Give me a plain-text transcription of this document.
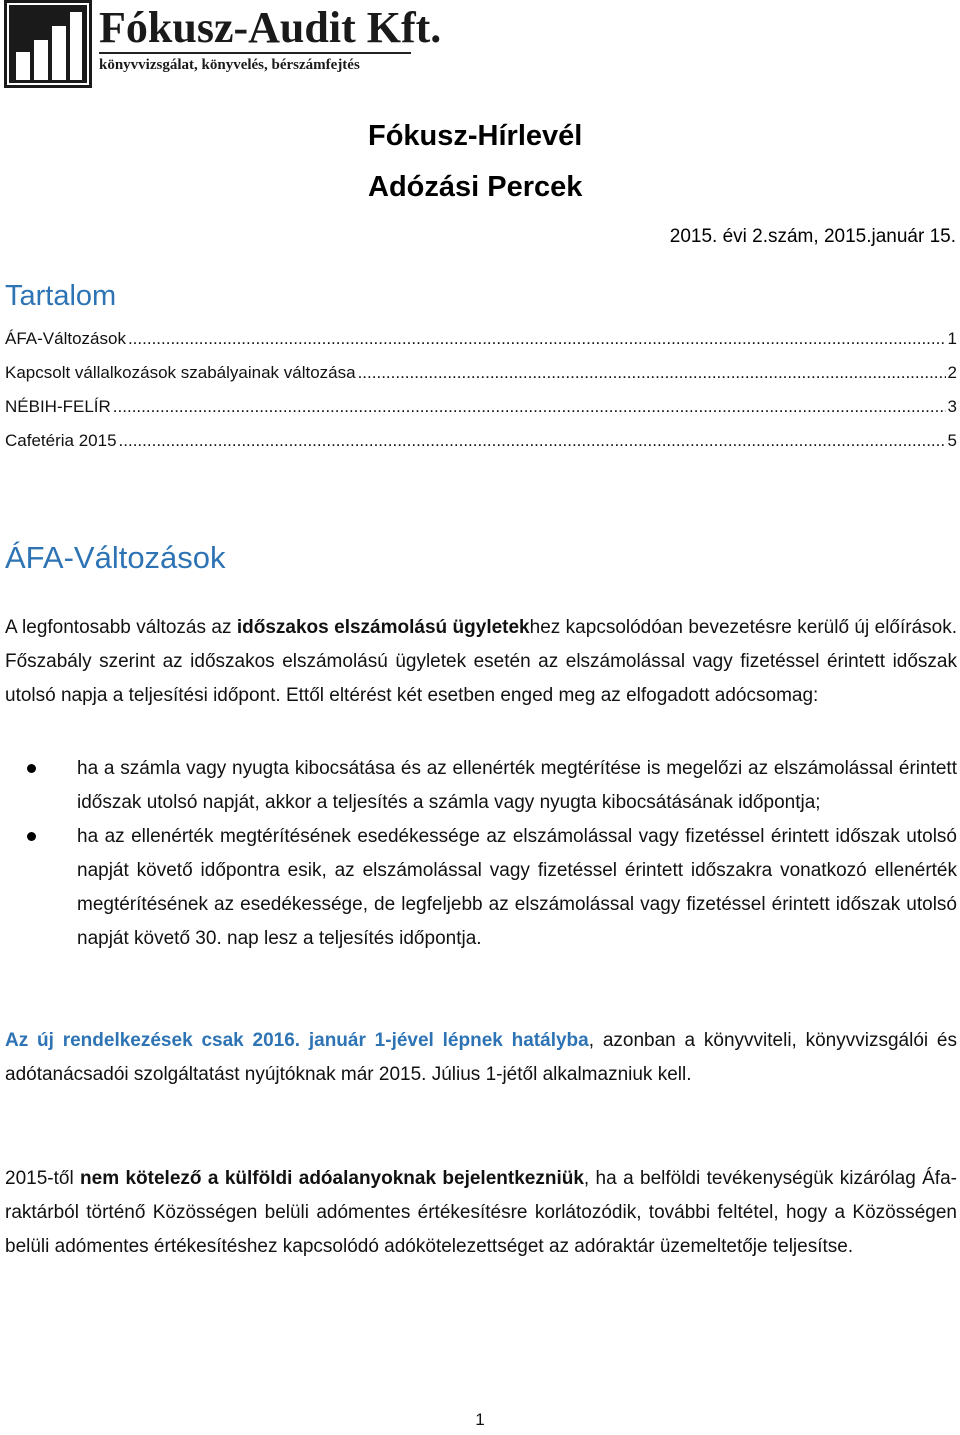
Fókusz-Audit Kft.
könyvvizsgálat, könyvelés, bérszámfejtés
Fókusz-Hírlevél
Adózási Percek
2015. évi 2.szám, 2015.január 15.
Tartalom
ÁFA-Változások .....	1
Kapcsolt vállalkozások szabályainak változása .....	2
NÉBIH-FELÍR .....	3
Cafetéria 2015 .....	5
ÁFA-Változások
A legfontosabb változás az időszakos elszámolású ügyletekhez kapcsolódóan bevezetésre kerülő új előírások. Főszabály szerint az időszakos elszámolású ügyletek esetén az elszámolással vagy fizetéssel érintett időszak utolsó napja a teljesítési időpont. Ettől eltérést két esetben enged meg az elfogadott adócsomag:
ha a számla vagy nyugta kibocsátása és az ellenérték megtérítése is megelőzi az elszámolással érintett időszak utolsó napját, akkor a teljesítés a számla vagy nyugta kibocsátásának időpontja;
ha az ellenérték megtérítésének esedékessége az elszámolással vagy fizetéssel érintett időszak utolsó napját követő időpontra esik, az elszámolással vagy fizetéssel érintett időszakra vonatkozó ellenérték megtérítésének az esedékessége, de legfeljebb az elszámolással vagy fizetéssel érintett időszak utolsó napját követő 30. nap lesz a teljesítés időpontja.
Az új rendelkezések csak 2016. január 1-jével lépnek hatályba, azonban a könyvviteli, könyvvizsgálói és adótanácsadói szolgáltatást nyújtóknak már 2015. Július 1-jétől alkalmazniuk kell.
2015-től nem kötelező a külföldi adóalanyoknak bejelentkezniük, ha a belföldi tevékenységük kizárólag Áfa-raktárból történő Közösségen belüli adómentes értékesítésre korlátozódik, további feltétel, hogy a Közösségen belüli adómentes értékesítéshez kapcsolódó adókötelezettséget az adóraktár üzemeltetője teljesítse.
1
